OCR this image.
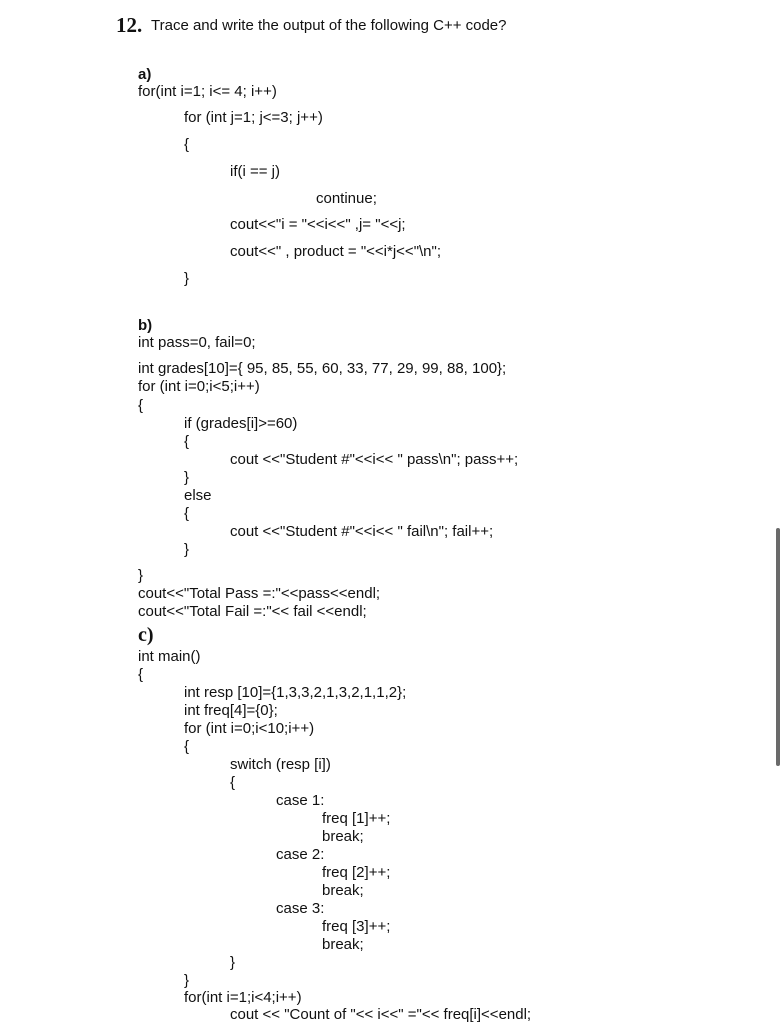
12. Trace and write the output of the following C++ code?
a)
for(int i=1; i<= 4; i++)
for (int j=1; j<=3; j++)
{
if(i == j)
continue;
cout<<"i = "<<i<<" ,j= "<<j;
cout<<" , product = "<<i*j<<"\n";
}
b)
int pass=0, fail=0;
int grades[10]={ 95, 85, 55, 60, 33, 77, 29, 99, 88, 100};
for (int i=0;i<5;i++)
{
if (grades[i]>=60)
{
cout <<"Student #"<<i<< " pass\n"; pass++;
}
else
{
cout <<"Student #"<<i<< " fail\n"; fail++;
}
}
cout<<"Total Pass =:"<<pass<<endl;
cout<<"Total Fail =:"<< fail <<endl;
c)
int main()
{
int resp [10]={1,3,3,2,1,3,2,1,1,2};
int freq[4]={0};
for (int i=0;i<10;i++)
{
switch (resp [i])
{
case 1:
freq [1]++;
break;
case 2:
freq [2]++;
break;
case 3:
freq [3]++;
break;
}
}
for(int i=1;i<4;i++)
cout << "Count of "<< i<<" ="<< freq[i]<<endl;
